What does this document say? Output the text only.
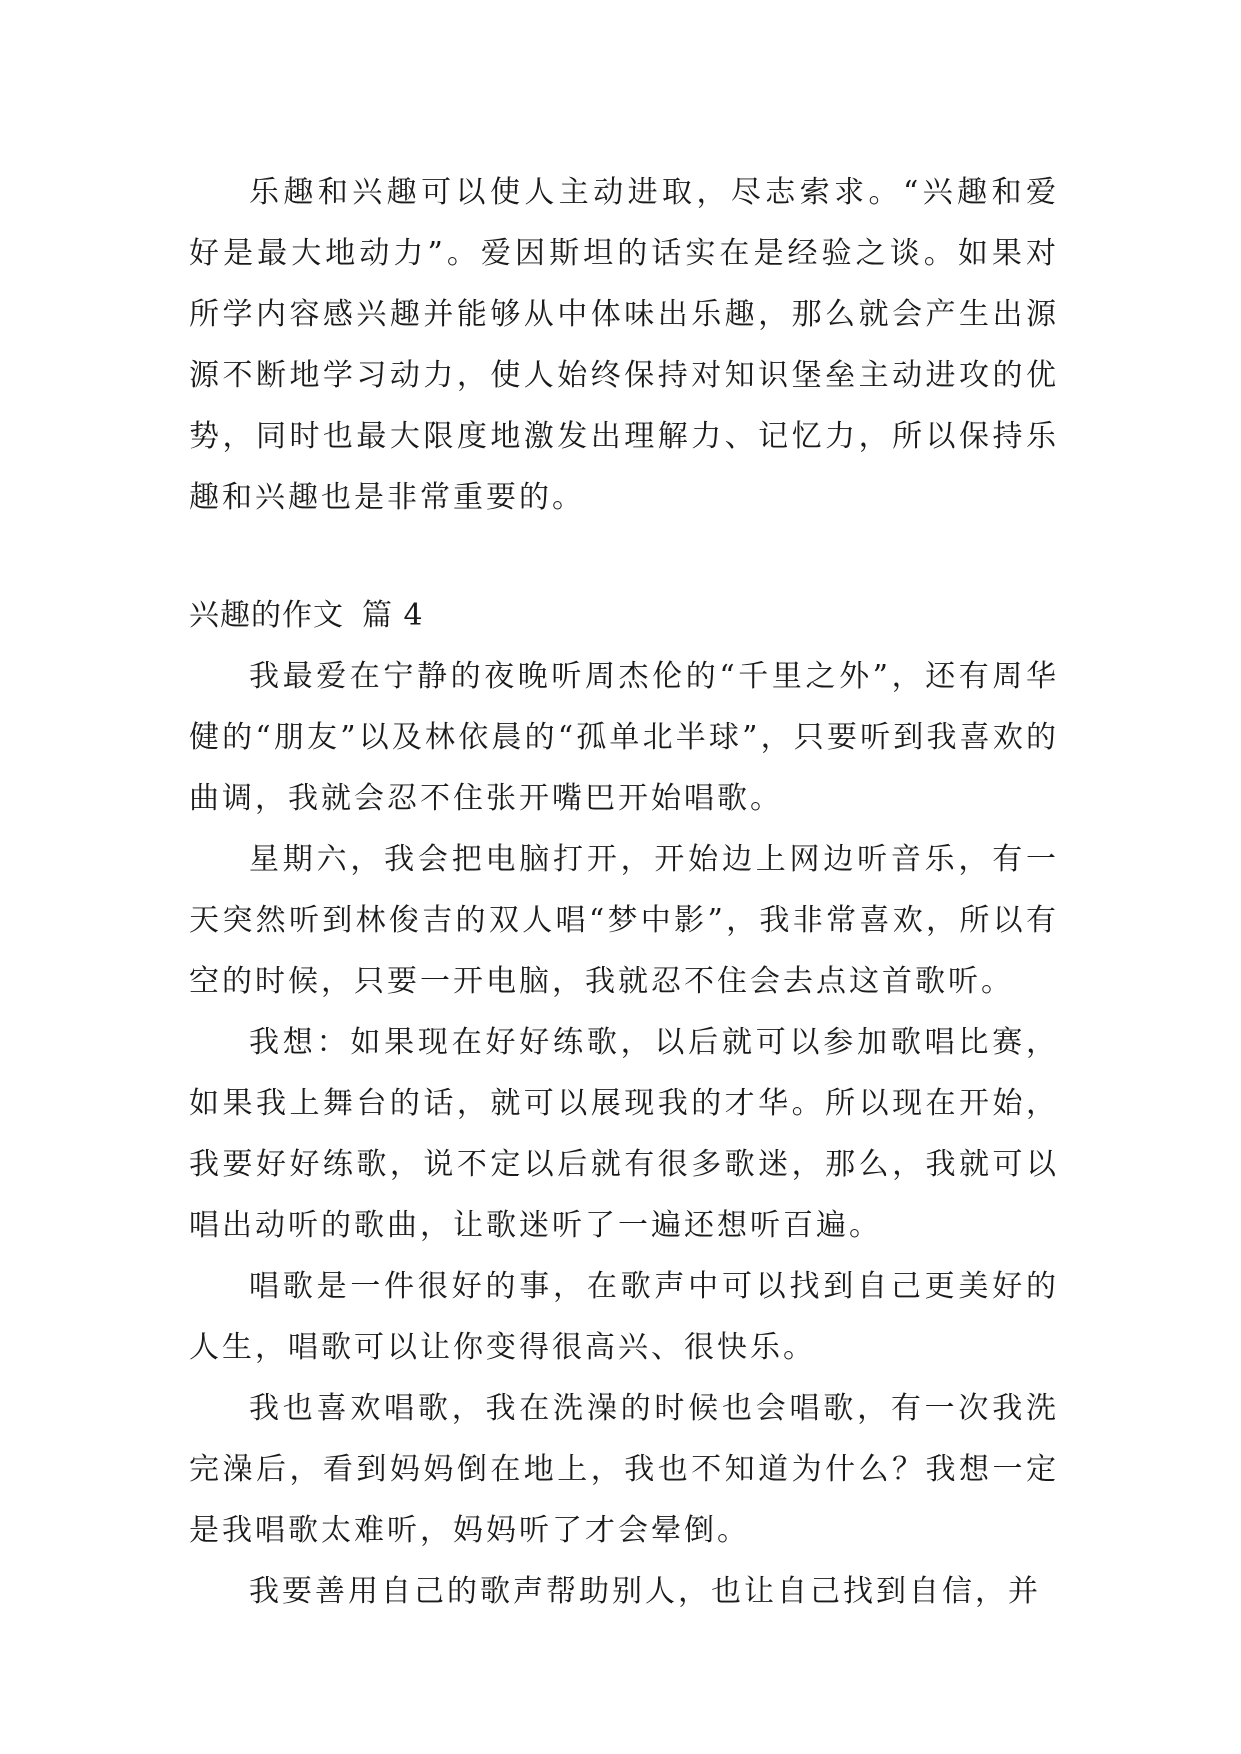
乐趣和兴趣可以使人主动进取，尽志索求。“兴趣和爱好是最大地动力”。爱因斯坦的话实在是经验之谈。如果对所学内容感兴趣并能够从中体味出乐趣，那么就会产生出源源不断地学习动力，使人始终保持对知识堡垒主动进攻的优势，同时也最大限度地激发出理解力、记忆力，所以保持乐趣和兴趣也是非常重要的。

兴趣的作文 篇 4

我最爱在宁静的夜晚听周杰伦的“千里之外”，还有周华健的“朋友”以及林依晨的“孤单北半球”，只要听到我喜欢的曲调，我就会忍不住张开嘴巴开始唱歌。

星期六，我会把电脑打开，开始边上网边听音乐，有一天突然听到林俊吉的双人唱“梦中影”，我非常喜欢，所以有空的时候，只要一开电脑，我就忍不住会去点这首歌听。

我想：如果现在好好练歌，以后就可以参加歌唱比赛，如果我上舞台的话，就可以展现我的才华。所以现在开始，我要好好练歌，说不定以后就有很多歌迷，那么，我就可以唱出动听的歌曲，让歌迷听了一遍还想听百遍。

唱歌是一件很好的事，在歌声中可以找到自己更美好的人生，唱歌可以让你变得很高兴、很快乐。

我也喜欢唱歌，我在洗澡的时候也会唱歌，有一次我洗完澡后，看到妈妈倒在地上，我也不知道为什么？我想一定是我唱歌太难听，妈妈听了才会晕倒。

我要善用自己的歌声帮助别人，也让自己找到自信，并
